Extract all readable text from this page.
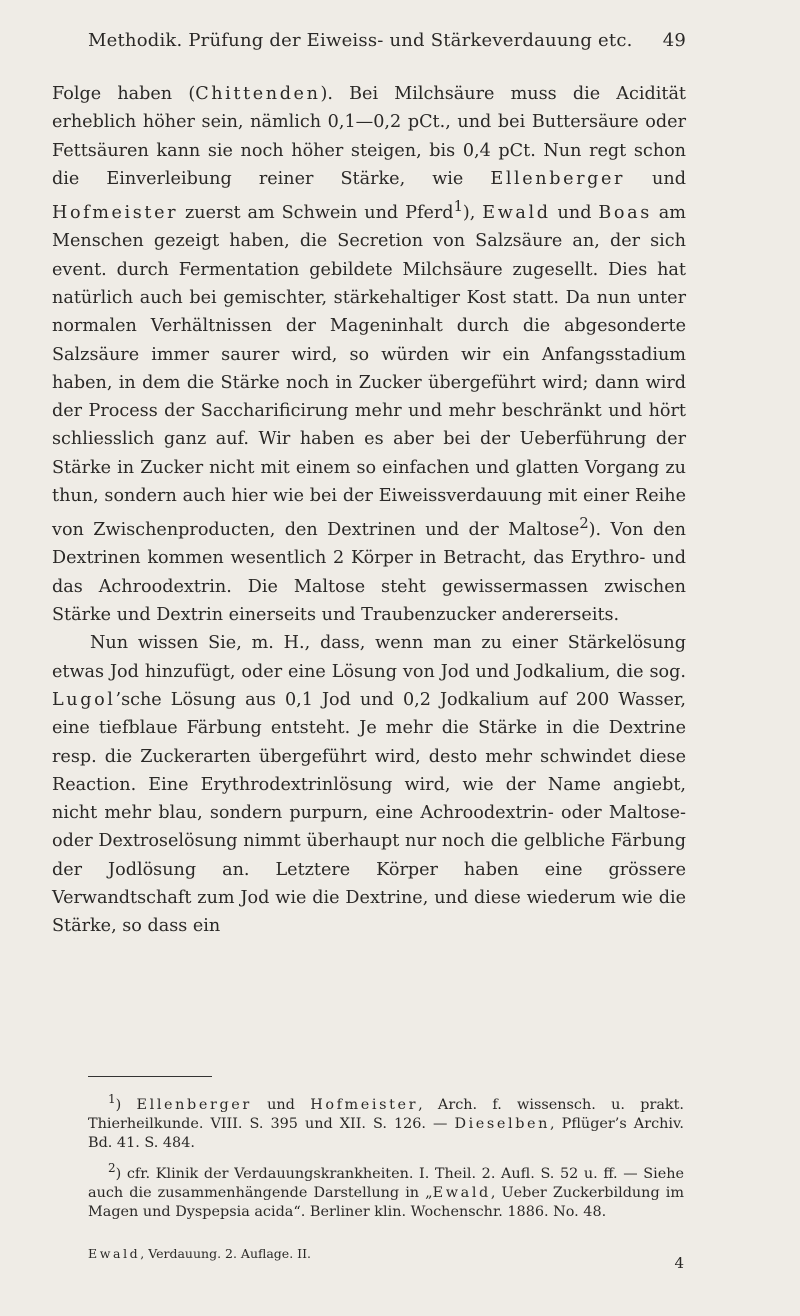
Methodik. Prüfung der Eiweiss- und Stärkeverdauung etc. 49

Folge haben (Chittenden). Bei Milchsäure muss die Acidität erheblich höher sein, nämlich 0,1—0,2 pCt., und bei Buttersäure oder Fettsäuren kann sie noch höher steigen, bis 0,4 pCt. Nun regt schon die Einverleibung reiner Stärke, wie Ellenberger und Hofmeister zuerst am Schwein und Pferd$^1$), Ewald und Boas am Menschen gezeigt haben, die Secretion von Salzsäure an, der sich event. durch Fermentation gebildete Milchsäure zugesellt. Dies hat natürlich auch bei gemischter, stärkehaltiger Kost statt. Da nun unter normalen Verhältnissen der Mageninhalt durch die abgesonderte Salzsäure immer saurer wird, so würden wir ein Anfangsstadium haben, in dem die Stärke noch in Zucker übergeführt wird; dann wird der Process der Saccharificirung mehr und mehr beschränkt und hört schliesslich ganz auf. Wir haben es aber bei der Ueberführung der Stärke in Zucker nicht mit einem so einfachen und glatten Vorgang zu thun, sondern auch hier wie bei der Eiweissverdauung mit einer Reihe von Zwischenproducten, den Dextrinen und der Maltose$^2$). Von den Dextrinen kommen wesentlich 2 Körper in Betracht, das Erythro- und das Achroodextrin. Die Maltose steht gewissermassen zwischen Stärke und Dextrin einerseits und Traubenzucker andererseits.

Nun wissen Sie, m. H., dass, wenn man zu einer Stärkelösung etwas Jod hinzufügt, oder eine Lösung von Jod und Jodkalium, die sog. Lugol’sche Lösung aus 0,1 Jod und 0,2 Jodkalium auf 200 Wasser, eine tiefblaue Färbung entsteht. Je mehr die Stärke in die Dextrine resp. die Zuckerarten übergeführt wird, desto mehr schwindet diese Reaction. Eine Erythrodextrinlösung wird, wie der Name angiebt, nicht mehr blau, sondern purpurn, eine Achroodextrin- oder Maltose- oder Dextroselösung nimmt überhaupt nur noch die gelbliche Färbung der Jodlösung an. Letztere Körper haben eine grössere Verwandtschaft zum Jod wie die Dextrine, und diese wiederum wie die Stärke, so dass ein

$^1$) Ellenberger und Hofmeister, Arch. f. wissensch. u. prakt. Thierheilkunde. VIII. S. 395 und XII. S. 126. — Dieselben, Pflüger’s Archiv. Bd. 41. S. 484.

$^2$) cfr. Klinik der Verdauungskrankheiten. I. Theil. 2. Aufl. S. 52 u. ff. — Siehe auch die zusammenhängende Darstellung in „Ewald, Ueber Zuckerbildung im Magen und Dyspepsia acida“. Berliner klin. Wochenschr. 1886. No. 48.

Ewald, Verdauung. 2. Auflage. II.
4
